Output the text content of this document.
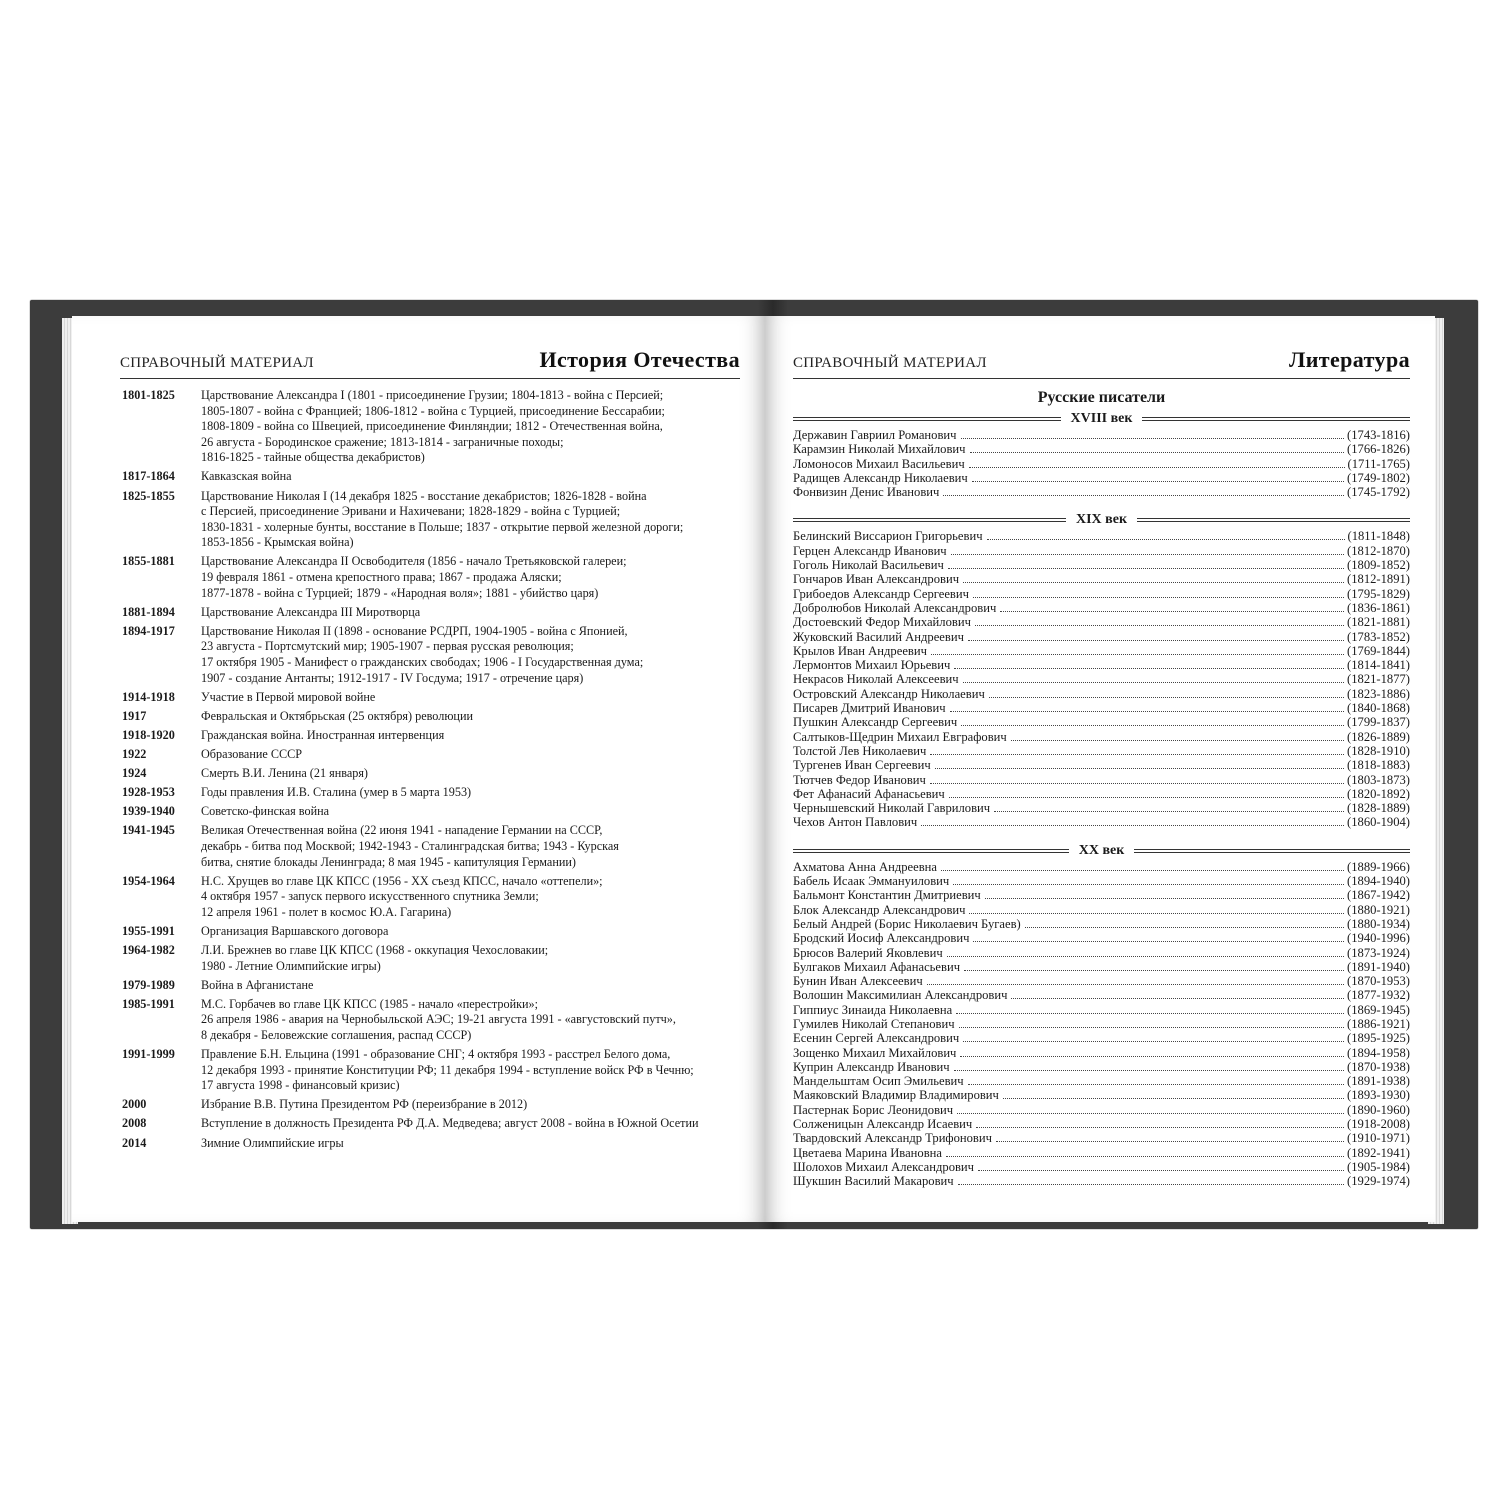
СПРАВОЧНЫЙ МАТЕРИАЛ	История Отечества
1801-1825	Царствование Александра I (1801 - присоединение Грузии; 1804-1813 - война с Персией;
1805-1807 - война с Францией; 1806-1812 - война с Турцией, присоединение Бессарабии;
1808-1809 - война со Швецией, присоединение Финляндии; 1812 - Отечественная война,
26 августа - Бородинское сражение; 1813-1814 - заграничные походы;
1816-1825 - тайные общества декабристов)
1817-1864	Кавказская война
1825-1855	Царствование Николая I (14 декабря 1825 - восстание декабристов; 1826-1828 - война
с Персией, присоединение Эривани и Нахичевани; 1828-1829 - война с Турцией;
1830-1831 - холерные бунты, восстание в Польше; 1837 - открытие первой железной дороги;
1853-1856 - Крымская война)
1855-1881	Царствование Александра II Освободителя (1856 - начало Третьяковской галереи;
19 февраля 1861 - отмена крепостного права; 1867 - продажа Аляски;
1877-1878 - война с Турцией; 1879 - «Народная воля»; 1881 - убийство царя)
1881-1894	Царствование Александра III Миротворца
1894-1917	Царствование Николая II (1898 - основание РСДРП, 1904-1905 - война с Японией,
23 августа - Портсмутский мир; 1905-1907 - первая русская революция;
17 октября 1905 - Манифест о гражданских свободах; 1906 - I Государственная дума;
1907 - создание Антанты; 1912-1917 - IV Госдума; 1917 - отречение царя)
1914-1918	Участие в Первой мировой войне
1917	Февральская и Октябрьская (25 октября) революции
1918-1920	Гражданская война. Иностранная интервенция
1922	Образование СССР
1924	Смерть В.И. Ленина (21 января)
1928-1953	Годы правления И.В. Сталина (умер в 5 марта 1953)
1939-1940	Советско-финская война
1941-1945	Великая Отечественная война (22 июня 1941 - нападение Германии на СССР,
декабрь - битва под Москвой; 1942-1943 - Сталинградская битва; 1943 - Курская
битва, снятие блокады Ленинграда; 8 мая 1945 - капитуляция Германии)
1954-1964	Н.С. Хрущев во главе ЦК КПСС (1956 - XX съезд КПСС, начало «оттепели»;
4 октября 1957 - запуск первого искусственного спутника Земли;
12 апреля 1961 - полет в космос Ю.А. Гагарина)
1955-1991	Организация Варшавского договора
1964-1982	Л.И. Брежнев во главе ЦК КПСС (1968 - оккупация Чехословакии;
1980 - Летние Олимпийские игры)
1979-1989	Война в Афганистане
1985-1991	М.С. Горбачев во главе ЦК КПСС (1985 - начало «перестройки»;
26 апреля 1986 - авария на Чернобыльской АЭС; 19-21 августа 1991 - «августовский путч»,
8 декабря - Беловежские соглашения, распад СССР)
1991-1999	Правление Б.Н. Ельцина (1991 - образование СНГ; 4 октября 1993 - расстрел Белого дома,
12 декабря 1993 - принятие Конституции РФ; 11 декабря 1994 - вступление войск РФ в Чечню;
17 августа 1998 - финансовый кризис)
2000	Избрание В.В. Путина Президентом РФ (переизбрание в 2012)
2008	Вступление в должность Президента РФ Д.А. Медведева; август 2008 - война в Южной Осетии
2014	Зимние Олимпийские игры
СПРАВОЧНЫЙ МАТЕРИАЛ	Литература
Русские писатели
XVIII век
Державин Гавриил Романович	(1743-1816)
Карамзин Николай Михайлович	(1766-1826)
Ломоносов Михаил Васильевич	(1711-1765)
Радищев Александр Николаевич	(1749-1802)
Фонвизин Денис Иванович	(1745-1792)
XIX век
Белинский Виссарион Григорьевич	(1811-1848)
Герцен Александр Иванович	(1812-1870)
Гоголь Николай Васильевич	(1809-1852)
Гончаров Иван Александрович	(1812-1891)
Грибоедов Александр Сергеевич	(1795-1829)
Добролюбов Николай Александрович	(1836-1861)
Достоевский Федор Михайлович	(1821-1881)
Жуковский Василий Андреевич	(1783-1852)
Крылов Иван Андреевич	(1769-1844)
Лермонтов Михаил Юрьевич	(1814-1841)
Некрасов Николай Алексеевич	(1821-1877)
Островский Александр Николаевич	(1823-1886)
Писарев Дмитрий Иванович	(1840-1868)
Пушкин Александр Сергеевич	(1799-1837)
Салтыков-Щедрин Михаил Евграфович	(1826-1889)
Толстой Лев Николаевич	(1828-1910)
Тургенев Иван Сергеевич	(1818-1883)
Тютчев Федор Иванович	(1803-1873)
Фет Афанасий Афанасьевич	(1820-1892)
Чернышевский Николай Гаврилович	(1828-1889)
Чехов Антон Павлович	(1860-1904)
XX век
Ахматова Анна Андреевна	(1889-1966)
Бабель Исаак Эммануилович	(1894-1940)
Бальмонт Константин Дмитриевич	(1867-1942)
Блок Александр Александрович	(1880-1921)
Белый Андрей (Борис Николаевич Бугаев)	(1880-1934)
Бродский Иосиф Александрович	(1940-1996)
Брюсов Валерий Яковлевич	(1873-1924)
Булгаков Михаил Афанасьевич	(1891-1940)
Бунин Иван Алексеевич	(1870-1953)
Волошин Максимилиан Александрович	(1877-1932)
Гиппиус Зинаида Николаевна	(1869-1945)
Гумилев Николай Степанович	(1886-1921)
Есенин Сергей Александрович	(1895-1925)
Зощенко Михаил Михайлович	(1894-1958)
Куприн Александр Иванович	(1870-1938)
Мандельштам Осип Эмильевич	(1891-1938)
Маяковский Владимир Владимирович	(1893-1930)
Пастернак Борис Леонидович	(1890-1960)
Солженицын Александр Исаевич	(1918-2008)
Твардовский Александр Трифонович	(1910-1971)
Цветаева Марина Ивановна	(1892-1941)
Шолохов Михаил Александрович	(1905-1984)
Шукшин Василий Макарович	(1929-1974)
